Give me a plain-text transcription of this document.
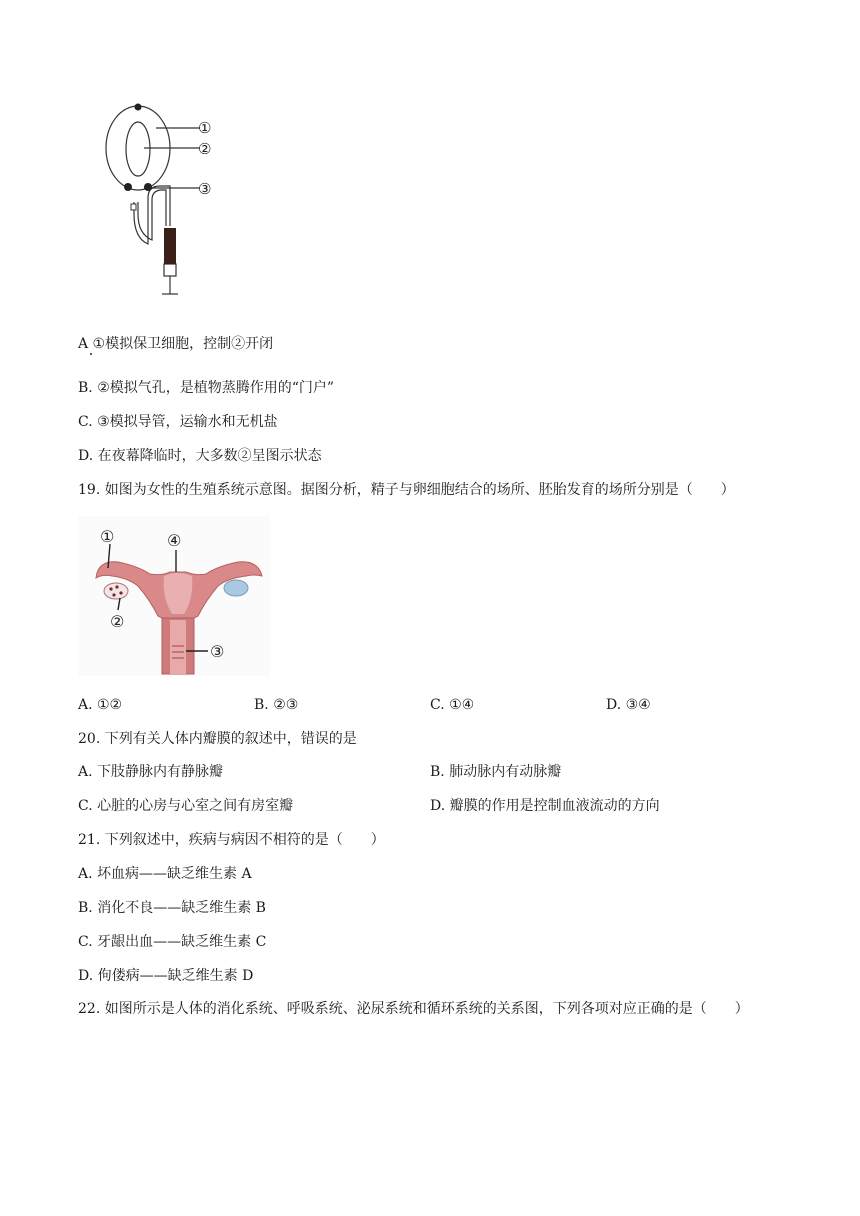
①
②
③
A ①模拟保卫细胞，控制②开闭
B. ②模拟气孔，是植物蒸腾作用的“门户”
C. ③模拟导管，运输水和无机盐
D. 在夜幕降临时，大多数②呈图示状态
19. 如图为女性的生殖系统示意图。据图分析，精子与卵细胞结合的场所、胚胎发育的场所分别是（　　）
①
②
③
④
A. ①②	B. ②③	C. ①④	D. ③④
20. 下列有关人体内瓣膜的叙述中，错误的是
A. 下肢静脉内有静脉瓣	B. 肺动脉内有动脉瓣
C. 心脏的心房与心室之间有房室瓣	D. 瓣膜的作用是控制血液流动的方向
21. 下列叙述中，疾病与病因不相符的是（　　）
A. 坏血病——缺乏维生素 A
B. 消化不良——缺乏维生素 B
C. 牙龈出血——缺乏维生素 C
D. 佝偻病——缺乏维生素 D
22. 如图所示是人体的消化系统、呼吸系统、泌尿系统和循环系统的关系图，下列各项对应正确的是（　　）
